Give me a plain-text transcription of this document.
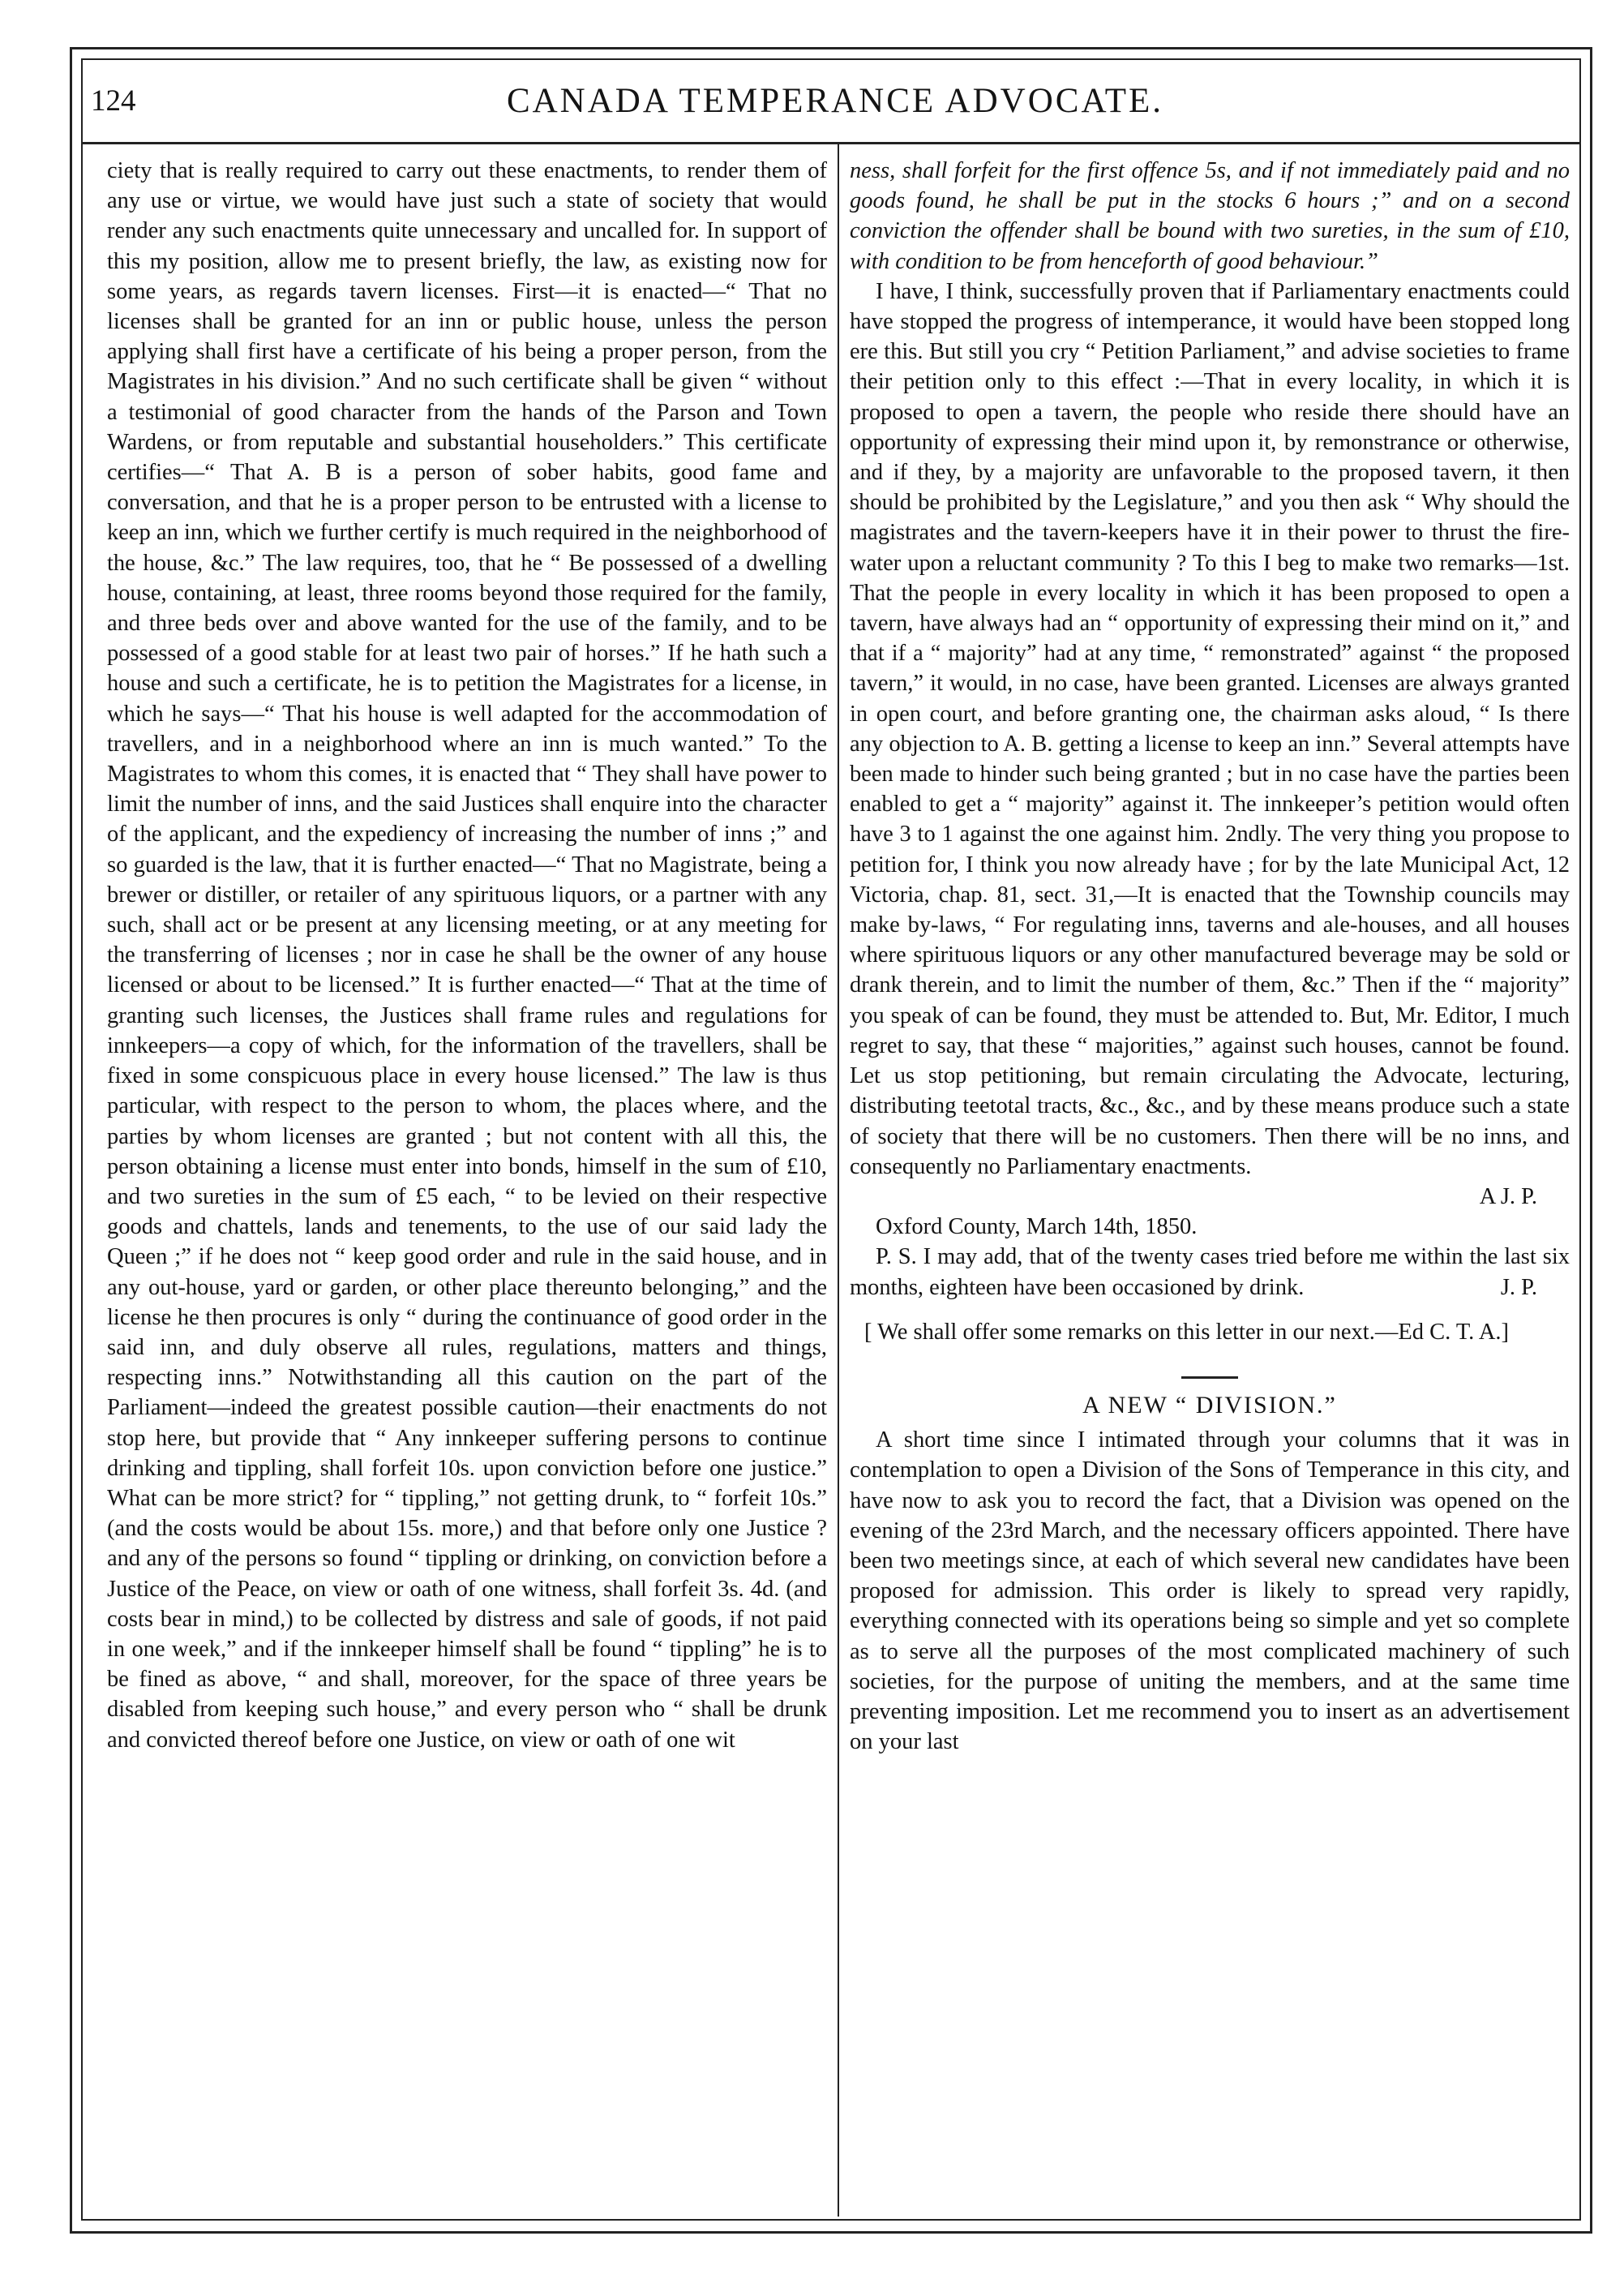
124	CANADA TEMPERANCE ADVOCATE.

ciety that is really required to carry out these enactments, to render them of any use or virtue, we would have just such a state of society that would render any such enactments quite unnecessary and uncalled for. In support of this my position, allow me to present briefly, the law, as existing now for some years, as regards tavern licenses. First—it is enacted—“ That no licenses shall be granted for an inn or public house, unless the person applying shall first have a certificate of his being a proper person, from the Magistrates in his division.” And no such certificate shall be given “ without a testimonial of good character from the hands of the Parson and Town Wardens, or from reputable and substantial householders.” This certificate certifies—“ That A. B is a person of sober habits, good fame and conversation, and that he is a proper person to be entrusted with a license to keep an inn, which we further certify is much required in the neighborhood of the house, &c.” The law requires, too, that he “ Be possessed of a dwelling house, containing, at least, three rooms beyond those required for the family, and three beds over and above wanted for the use of the family, and to be possessed of a good stable for at least two pair of horses.” If he hath such a house and such a certificate, he is to petition the Magistrates for a license, in which he says—“ That his house is well adapted for the accommodation of travellers, and in a neighborhood where an inn is much wanted.” To the Magistrates to whom this comes, it is enacted that “ They shall have power to limit the number of inns, and the said Justices shall enquire into the character of the applicant, and the expediency of increasing the number of inns ;” and so guarded is the law, that it is further enacted—“ That no Magistrate, being a brewer or distiller, or retailer of any spirituous liquors, or a partner with any such, shall act or be present at any licensing meeting, or at any meeting for the transferring of licenses ; nor in case he shall be the owner of any house licensed or about to be licensed.” It is further enacted—“ That at the time of granting such licenses, the Justices shall frame rules and regulations for innkeepers—a copy of which, for the information of the travellers, shall be fixed in some conspicuous place in every house licensed.” The law is thus particular, with respect to the person to whom, the places where, and the parties by whom licenses are granted ; but not content with all this, the person obtaining a license must enter into bonds, himself in the sum of £10, and two sureties in the sum of £5 each, “ to be levied on their respective goods and chattels, lands and tenements, to the use of our said lady the Queen ;” if he does not “ keep good order and rule in the said house, and in any out-house, yard or garden, or other place thereunto belonging,” and the license he then procures is only “ during the continuance of good order in the said inn, and duly observe all rules, regulations, matters and things, respecting inns.” Notwithstanding all this caution on the part of the Parliament—indeed the greatest possible caution—their enactments do not stop here, but provide that “ Any innkeeper suffering persons to continue drinking and tippling, shall forfeit 10s. upon conviction before one justice.” What can be more strict? for “ tippling,” not getting drunk, to “ forfeit 10s.” (and the costs would be about 15s. more,) and that before only one Justice ? and any of the persons so found “ tippling or drinking, on conviction before a Justice of the Peace, on view or oath of one witness, shall forfeit 3s. 4d. (and costs bear in mind,) to be collected by distress and sale of goods, if not paid in one week,” and if the innkeeper himself shall be found “ tippling” he is to be fined as above, “ and shall, moreover, for the space of three years be disabled from keeping such house,” and every person who “ shall be drunk and convicted thereof before one Justice, on view or oath of one wit

ness, shall forfeit for the first offence 5s, and if not immediately paid and no goods found, he shall be put in the stocks 6 hours ;” and on a second conviction the offender shall be bound with two sureties, in the sum of £10, with condition to be from henceforth of good behaviour.”

I have, I think, successfully proven that if Parliamentary enactments could have stopped the progress of intemperance, it would have been stopped long ere this. But still you cry “ Petition Parliament,” and advise societies to frame their petition only to this effect :—That in every locality, in which it is proposed to open a tavern, the people who reside there should have an opportunity of expressing their mind upon it, by remonstrance or otherwise, and if they, by a majority are unfavorable to the proposed tavern, it then should be prohibited by the Legislature,” and you then ask “ Why should the magistrates and the tavern-keepers have it in their power to thrust the fire-water upon a reluctant community ? To this I beg to make two remarks—1st. That the people in every locality in which it has been proposed to open a tavern, have always had an “ opportunity of expressing their mind on it,” and that if a “ majority” had at any time, “ remonstrated” against “ the proposed tavern,” it would, in no case, have been granted. Licenses are always granted in open court, and before granting one, the chairman asks aloud, “ Is there any objection to A. B. getting a license to keep an inn.” Several attempts have been made to hinder such being granted ; but in no case have the parties been enabled to get a “ majority” against it. The innkeeper’s petition would often have 3 to 1 against the one against him. 2ndly. The very thing you propose to petition for, I think you now already have ; for by the late Municipal Act, 12 Victoria, chap. 81, sect. 31,—It is enacted that the Township councils may make by-laws, “ For regulating inns, taverns and ale-houses, and all houses where spirituous liquors or any other manufactured beverage may be sold or drank therein, and to limit the number of them, &c.” Then if the “ majority” you speak of can be found, they must be attended to. But, Mr. Editor, I much regret to say, that these “ majorities,” against such houses, cannot be found. Let us stop petitioning, but remain circulating the Advocate, lecturing, distributing teetotal tracts, &c., &c., and by these means produce such a state of society that there will be no customers. Then there will be no inns, and consequently no Parliamentary enactments.

A J. P.

Oxford County, March 14th, 1850.

P. S. I may add, that of the twenty cases tried before me within the last six months, eighteen have been occasioned by drink.	J. P.

[ We shall offer some remarks on this letter in our next.—Ed C. T. A.]

A NEW “ DIVISION.”

A short time since I intimated through your columns that it was in contemplation to open a Division of the Sons of Temperance in this city, and have now to ask you to record the fact, that a Division was opened on the evening of the 23rd March, and the necessary officers appointed. There have been two meetings since, at each of which several new candidates have been proposed for admission. This order is likely to spread very rapidly, everything connected with its operations being so simple and yet so complete as to serve all the purposes of the most complicated machinery of such societies, for the purpose of uniting the members, and at the same time preventing imposition. Let me recommend you to insert as an advertisement on your last
